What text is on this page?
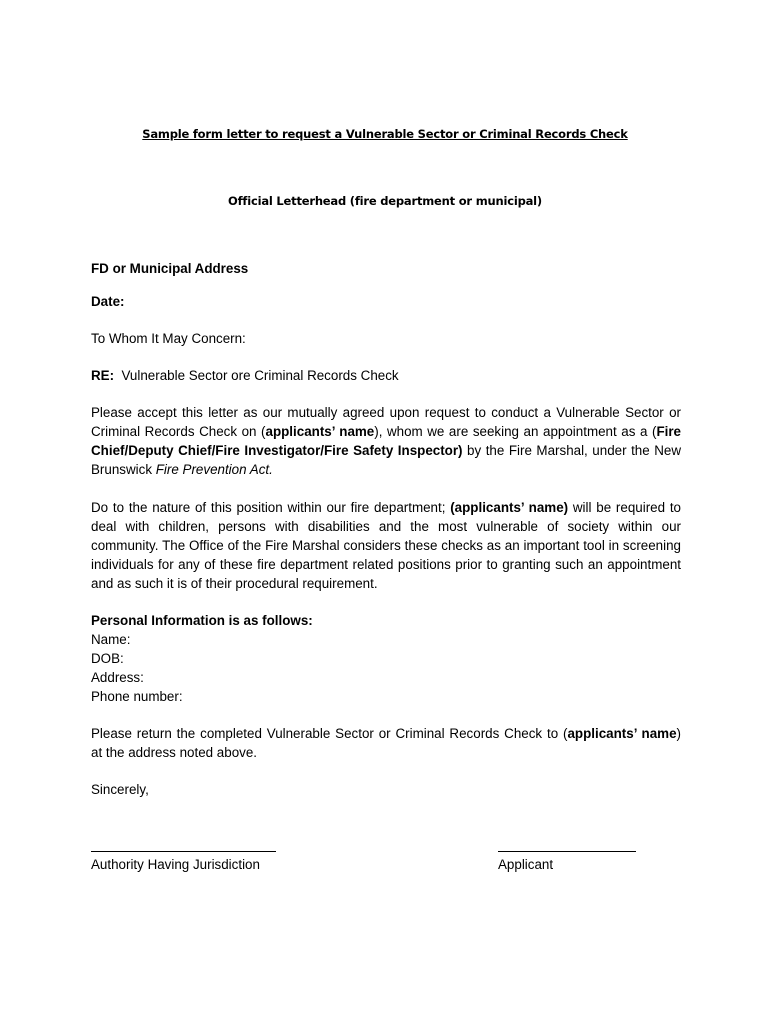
Sample form letter to request a Vulnerable Sector or Criminal Records Check
Official Letterhead (fire department or municipal)
FD or Municipal Address
Date:
To Whom It May Concern:
RE:  Vulnerable Sector ore Criminal Records Check
Please accept this letter as our mutually agreed upon request to conduct a Vulnerable Sector or Criminal Records Check on (applicants’ name), whom we are seeking an appointment as a (Fire Chief/Deputy Chief/Fire Investigator/Fire Safety Inspector) by the Fire Marshal, under the New Brunswick Fire Prevention Act.
Do to the nature of this position within our fire department; (applicants’ name) will be required to deal with children, persons with disabilities and the most vulnerable of society within our community. The Office of the Fire Marshal considers these checks as an important tool in screening individuals for any of these fire department related positions prior to granting such an appointment and as such it is of their procedural requirement.
Personal Information is as follows:
Name:
DOB:
Address:
Phone number:
Please return the completed Vulnerable Sector or Criminal Records Check to (applicants’ name) at the address noted above.
Sincerely,
Authority Having Jurisdiction	Applicant
